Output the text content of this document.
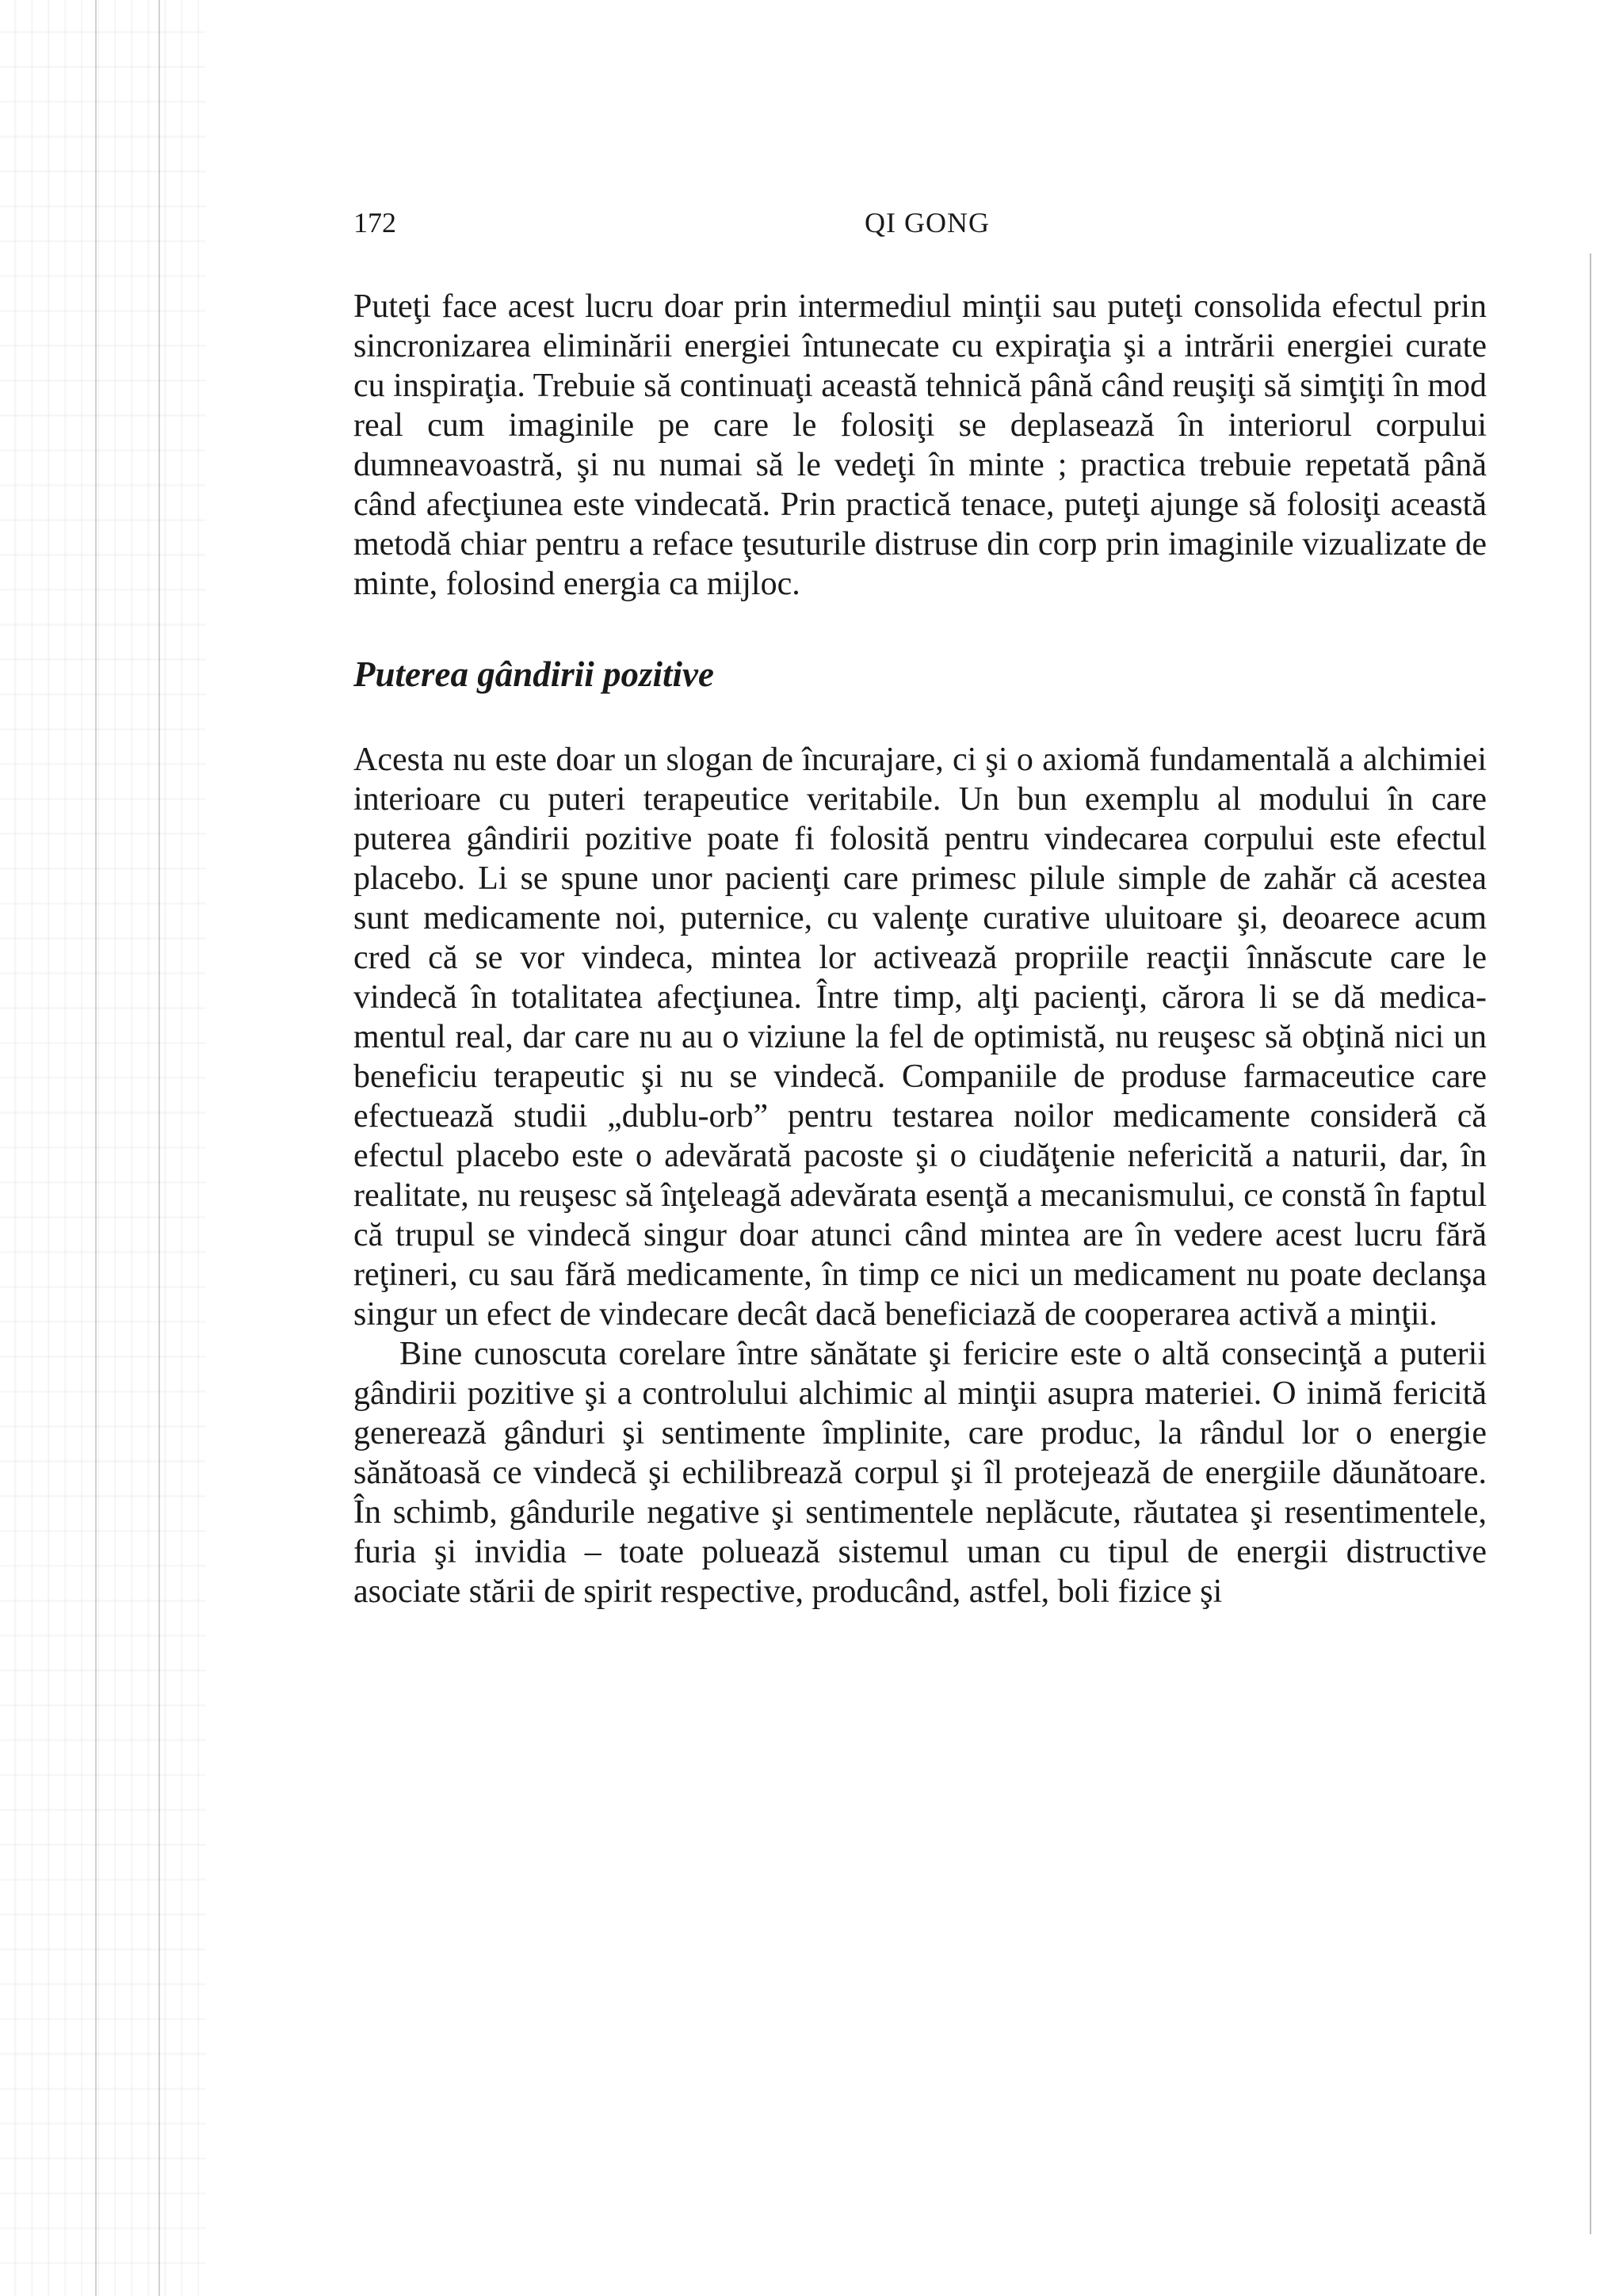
172	QI GONG

Puteţi face acest lucru doar prin intermediul minţii sau puteţi consolida efectul prin sincronizarea eliminării energiei întunecate cu expiraţia şi a intrării energiei curate cu inspiraţia. Trebuie să continuaţi această tehnică până când reuşiţi să simţiţi în mod real cum imaginile pe care le folosiţi se deplasează în interiorul corpului dumneavoastră, şi nu numai să le vedeţi în minte ; practica trebuie repetată până când afecţiunea este vindecată. Prin practică tenace, puteţi ajunge să folosiţi această metodă chiar pentru a reface ţesuturile distruse din corp prin imaginile vizualizate de minte, folosind energia ca mijloc.

Puterea gândirii pozitive

Acesta nu este doar un slogan de încurajare, ci şi o axiomă fundamentală a alchimiei interioare cu puteri terapeutice veritabile. Un bun exemplu al modului în care puterea gândirii pozitive poate fi folosită pentru vindecarea corpului este efectul placebo. Li se spune unor pacienţi care primesc pilule simple de zahăr că acestea sunt medicamente noi, puternice, cu valenţe curative uluitoare şi, deoarece acum cred că se vor vindeca, mintea lor activează propriile reacţii înnăscute care le vindecă în totalitatea afecţiunea. Între timp, alţi pacienţi, cărora li se dă medicamentul real, dar care nu au o viziune la fel de optimistă, nu reuşesc să obţină nici un beneficiu terapeutic şi nu se vindecă. Companiile de produse farmaceutice care efectuează studii „dublu-orb” pentru testarea noilor medicamente consideră că efectul placebo este o adevărată pacoste şi o ciudăţenie nefericită a naturii, dar, în realitate, nu reuşesc să înţeleagă adevărata esenţă a mecanismului, ce constă în faptul că trupul se vindecă singur doar atunci când mintea are în vedere acest lucru fără reţineri, cu sau fără medicamente, în timp ce nici un medicament nu poate declanşa singur un efect de vindecare decât dacă beneficiază de cooperarea activă a minţii.

Bine cunoscuta corelare între sănătate şi fericire este o altă consecinţă a puterii gândirii pozitive şi a controlului alchimic al minţii asupra materiei. O inimă fericită generează gânduri şi sentimente împlinite, care produc, la rândul lor o energie sănătoasă ce vindecă şi echilibrează corpul şi îl protejează de energiile dăunătoare. În schimb, gândurile negative şi sentimentele neplăcute, răutatea şi resentimentele, furia şi invidia – toate poluează sistemul uman cu tipul de energii distructive asociate stării de spirit respective, producând, astfel, boli fizice şi
